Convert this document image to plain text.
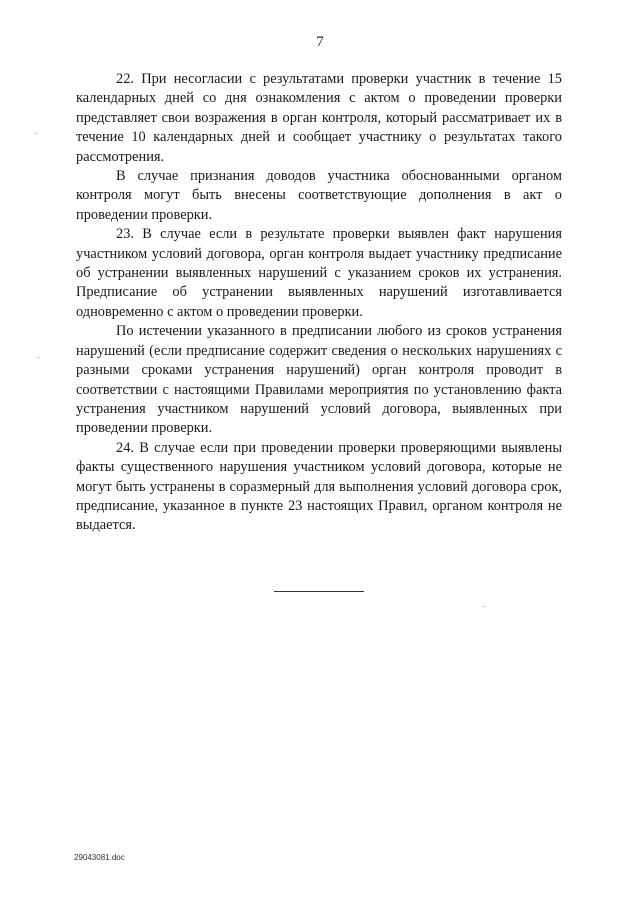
7

22. При несогласии с результатами проверки участник в течение 15 календарных дней со дня ознакомления с актом о проведении проверки представляет свои возражения в орган контроля, который рассматривает их в течение 10 календарных дней и сообщает участнику о результатах такого рассмотрения.

В случае признания доводов участника обоснованными органом контроля могут быть внесены соответствующие дополнения в акт о проведении проверки.

23. В случае если в результате проверки выявлен факт нарушения участником условий договора, орган контроля выдает участнику предписание об устранении выявленных нарушений с указанием сроков их устранения. Предписание об устранении выявленных нарушений изготавливается одновременно с актом о проведении проверки.

По истечении указанного в предписании любого из сроков устранения нарушений (если предписание содержит сведения о нескольких нарушениях с разными сроками устранения нарушений) орган контроля проводит в соответствии с настоящими Правилами мероприятия по установлению факта устранения участником нарушений условий договора, выявленных при проведении проверки.

24. В случае если при проведении проверки проверяющими выявлены факты существенного нарушения участником условий договора, которые не могут быть устранены в соразмерный для выполнения условий договора срок, предписание, указанное в пункте 23 настоящих Правил, органом контроля не выдается.

29043081.doc
